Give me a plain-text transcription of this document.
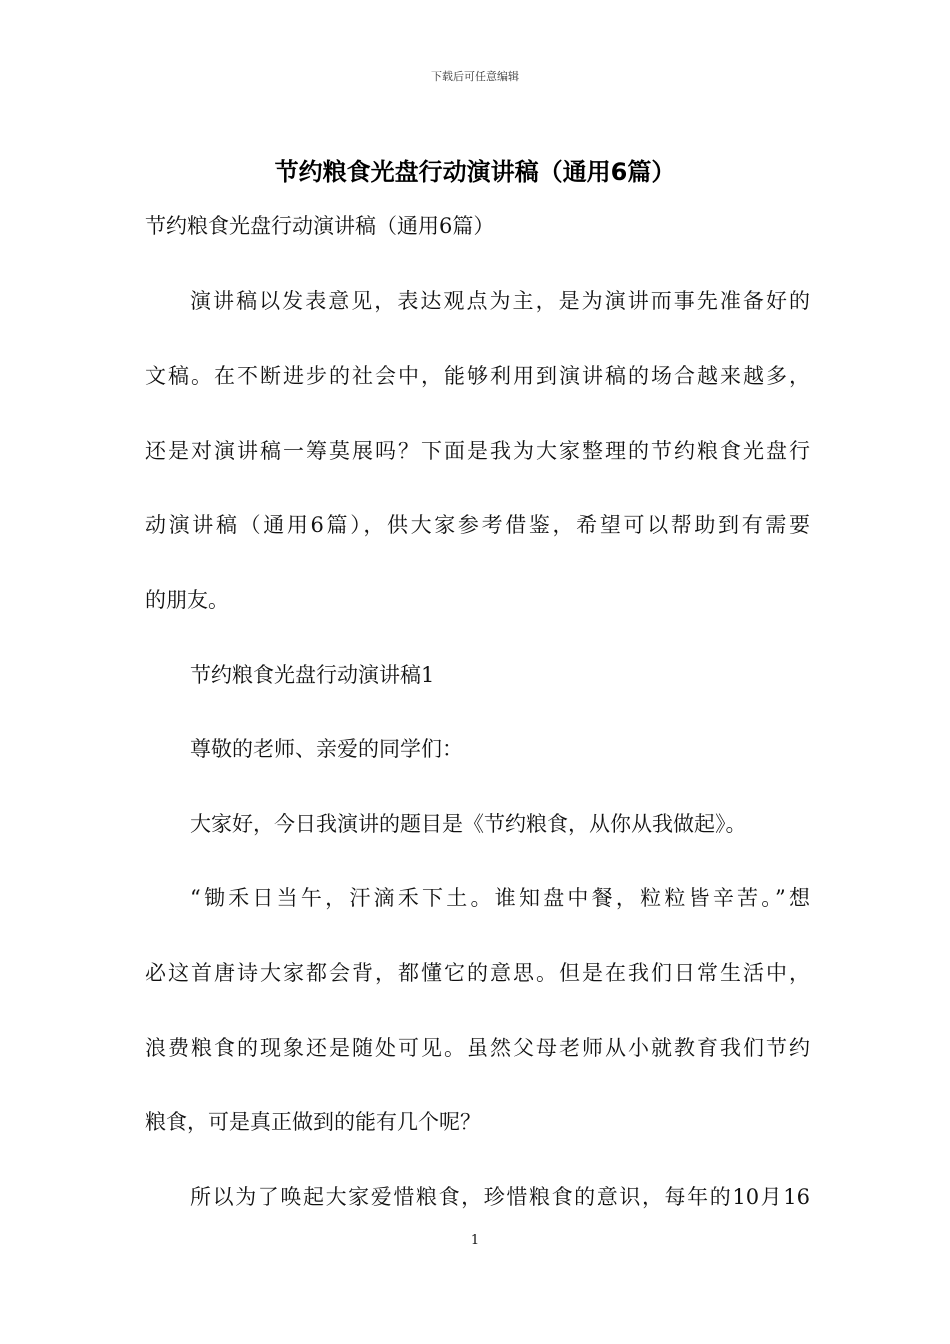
下载后可任意编辑
节约粮食光盘行动演讲稿（通用6篇）
节约粮食光盘行动演讲稿（通用6篇）
演讲稿以发表意见，表达观点为主，是为演讲而事先准备好的
文稿。在不断进步的社会中，能够利用到演讲稿的场合越来越多，
还是对演讲稿一筹莫展吗？下面是我为大家整理的节约粮食光盘行
动演讲稿（通用6篇），供大家参考借鉴，希望可以帮助到有需要
的朋友。
节约粮食光盘行动演讲稿1
尊敬的老师、亲爱的同学们：
大家好，今日我演讲的题目是《节约粮食，从你从我做起》。
“锄禾日当午，汗滴禾下土。谁知盘中餐，粒粒皆辛苦。”想
必这首唐诗大家都会背，都懂它的意思。但是在我们日常生活中，
浪费粮食的现象还是随处可见。虽然父母老师从小就教育我们节约
粮食，可是真正做到的能有几个呢？
所以为了唤起大家爱惜粮食，珍惜粮食的意识，每年的10月16
1
